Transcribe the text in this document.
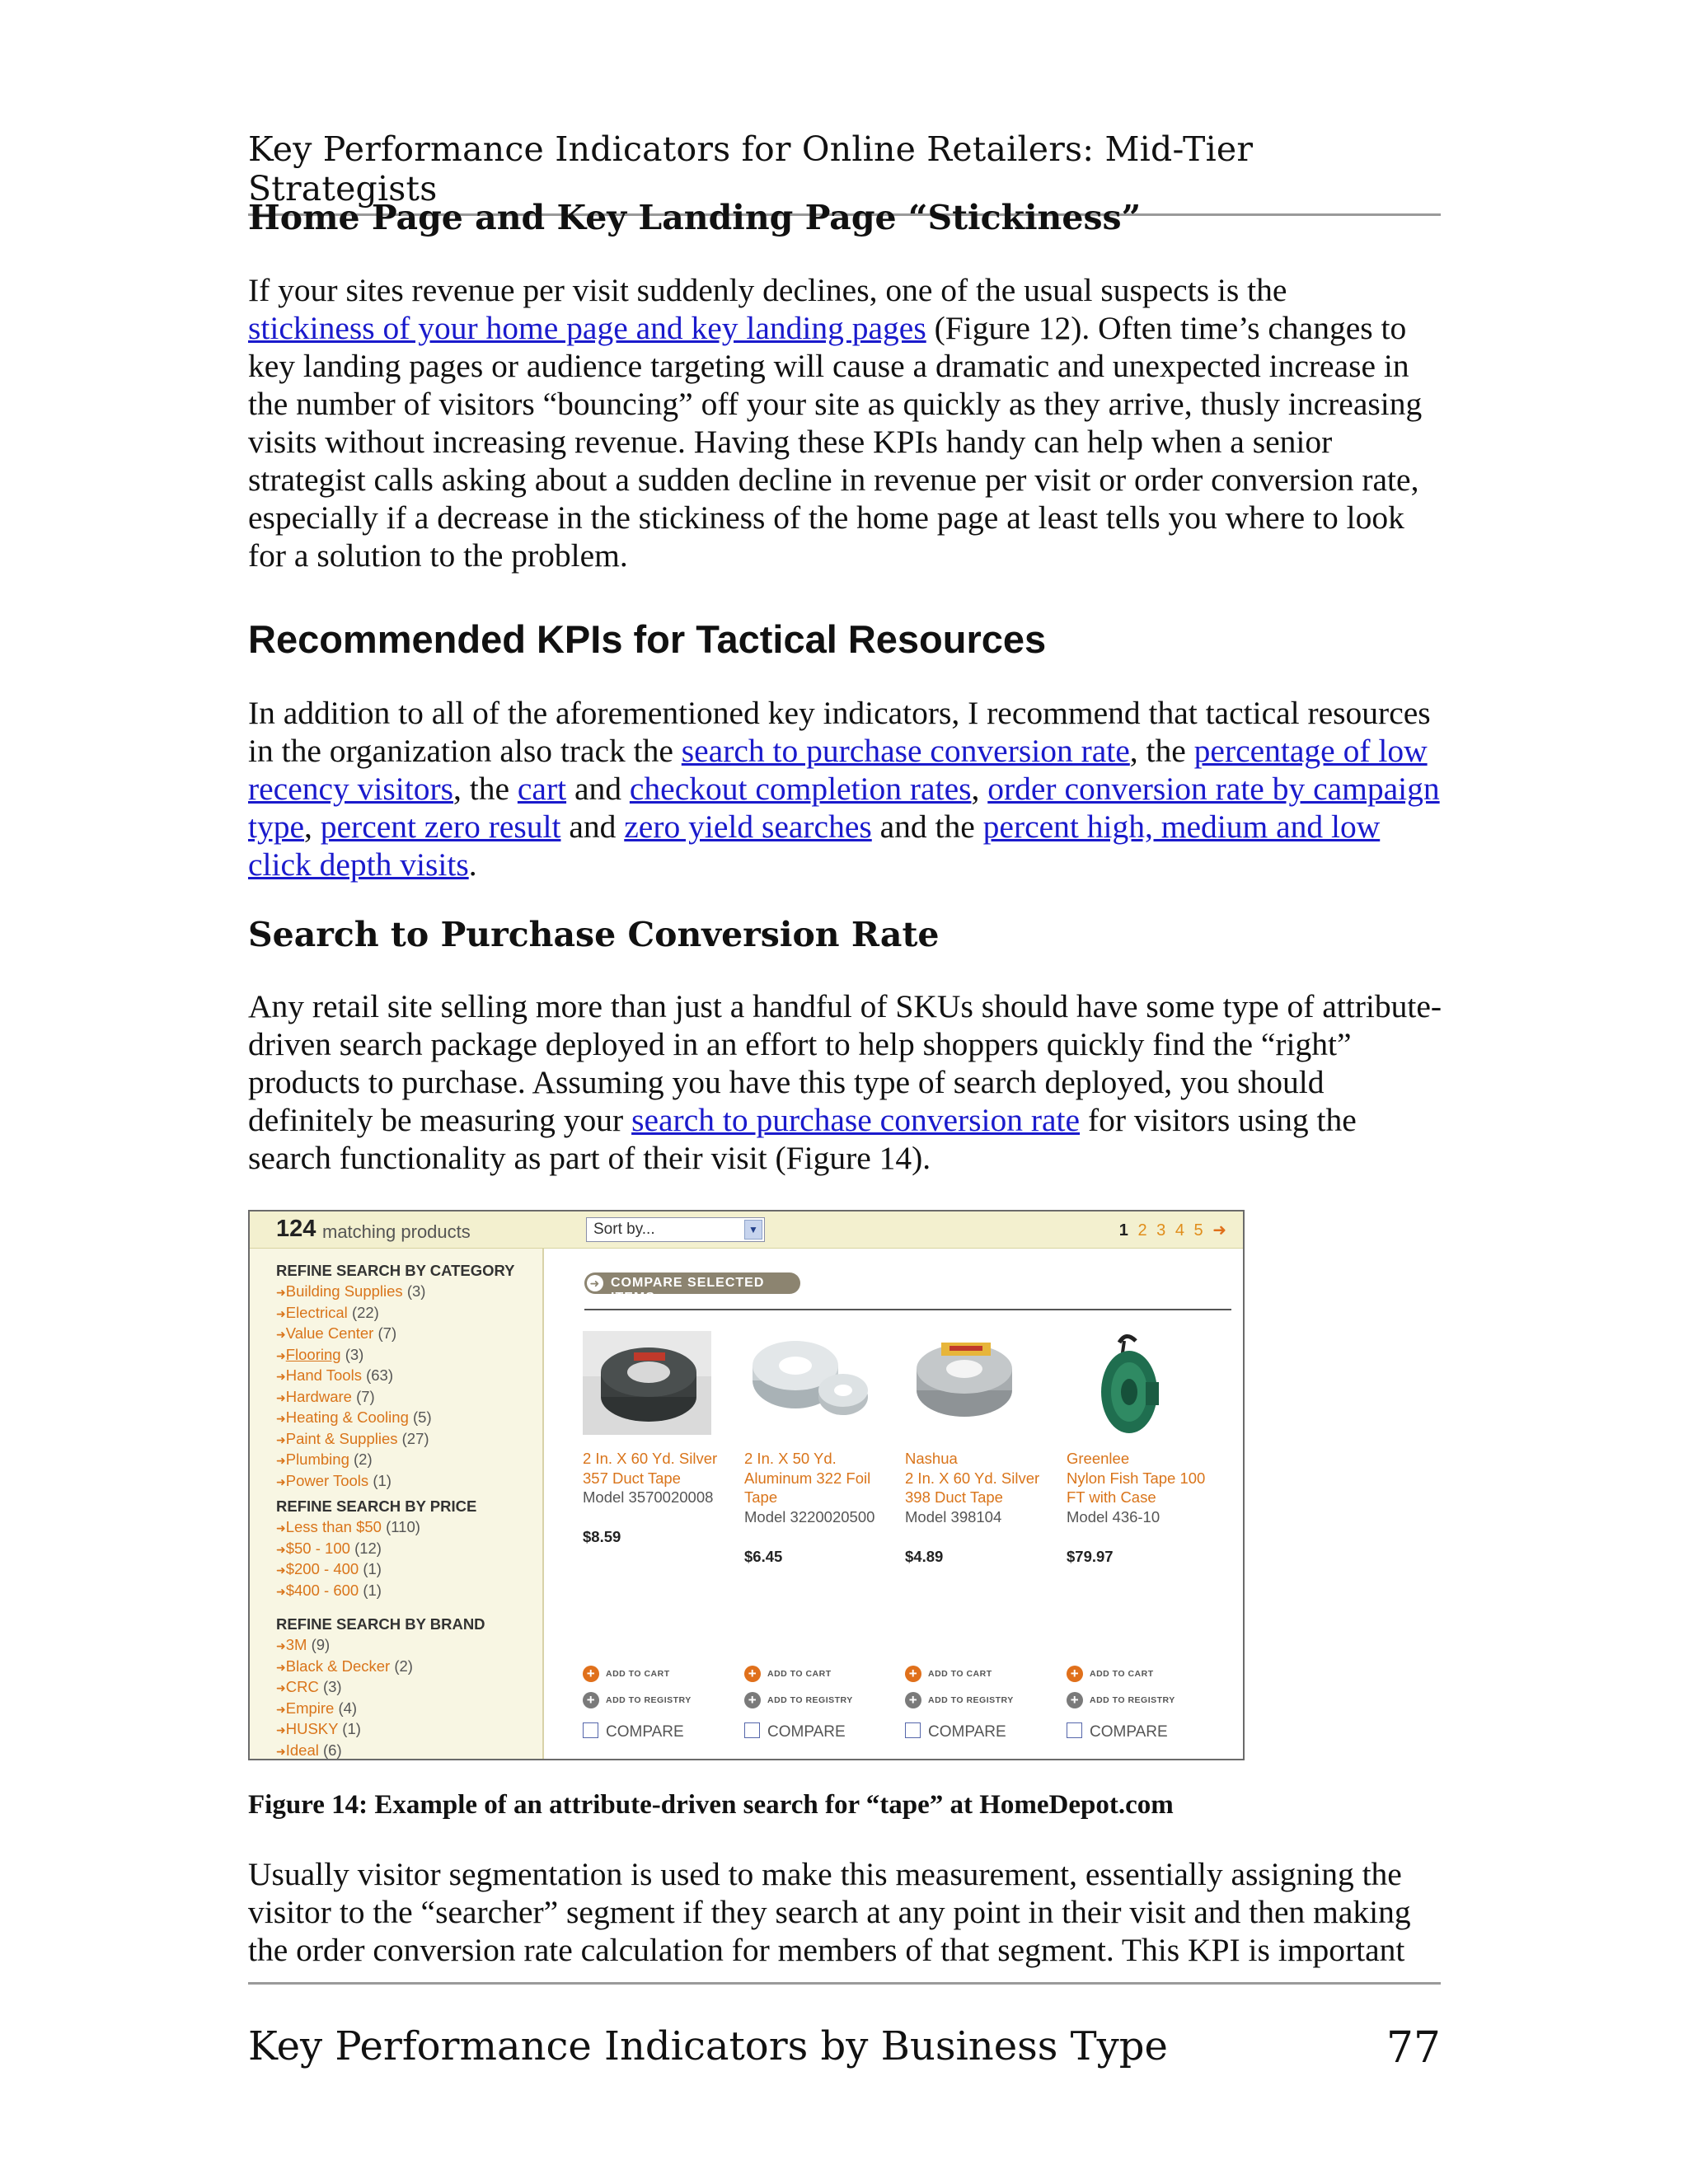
Key Performance Indicators for Online Retailers: Mid-Tier Strategists
Home Page and Key Landing Page “Stickiness”
If your sites revenue per visit suddenly declines, one of the usual suspects is the
stickiness of your home page and key landing pages (Figure 12). Often time’s changes to key landing pages or audience targeting will cause a dramatic and unexpected increase in the number of visitors “bouncing” off your site as quickly as they arrive, thusly increasing visits without increasing revenue. Having these KPIs handy can help when a senior strategist calls asking about a sudden decline in revenue per visit or order conversion rate, especially if a decrease in the stickiness of the home page at least tells you where to look for a solution to the problem.
Recommended KPIs for Tactical Resources
In addition to all of the aforementioned key indicators, I recommend that tactical resources in the organization also track the search to purchase conversion rate, the percentage of low recency visitors, the cart and checkout completion rates, order conversion rate by campaign type, percent zero result and zero yield searches and the percent high, medium and low click depth visits.
Search to Purchase Conversion Rate
Any retail site selling more than just a handful of SKUs should have some type of attribute-driven search package deployed in an effort to help shoppers quickly find the “right” products to purchase. Assuming you have this type of search deployed, you should definitely be measuring your search to purchase conversion rate for visitors using the search functionality as part of their visit (Figure 14).
124 matching products	Sort by...	▼	1 2 3 4 5 ➜
REFINE SEARCH BY CATEGORY
➜Building Supplies (3)
➜Electrical (22)
➜Value Center (7)
➜Flooring (3)
➜Hand Tools (63)
➜Hardware (7)
➜Heating & Cooling (5)
➜Paint & Supplies (27)
➜Plumbing (2)
➜Power Tools (1)
REFINE SEARCH BY PRICE
➜Less than $50 (110)
➜$50 - 100 (12)
➜$200 - 400 (1)
➜$400 - 600 (1)
REFINE SEARCH BY BRAND
➜3M (9)
➜Black & Decker (2)
➜CRC (3)
➜Empire (4)
➜HUSKY (1)
➜Ideal (6)
➜ COMPARE SELECTED ITEMS
2 In. X 60 Yd. Silver
357 Duct Tape
Model 3570020008
$8.59
+ ADD TO CART
+ ADD TO REGISTRY
COMPARE
2 In. X 50 Yd.
Aluminum 322 Foil
Tape
Model 3220020500
$6.45
+ ADD TO CART
+ ADD TO REGISTRY
COMPARE
Nashua
2 In. X 60 Yd. Silver
398 Duct Tape
Model 398104
$4.89
+ ADD TO CART
+ ADD TO REGISTRY
COMPARE
Greenlee
Nylon Fish Tape 100
FT with Case
Model 436-10
$79.97
+ ADD TO CART
+ ADD TO REGISTRY
COMPARE
Figure 14: Example of an attribute-driven search for “tape” at HomeDepot.com
Usually visitor segmentation is used to make this measurement, essentially assigning the visitor to the “searcher” segment if they search at any point in their visit and then making the order conversion rate calculation for members of that segment. This KPI is important
Key Performance Indicators by Business Type	77
